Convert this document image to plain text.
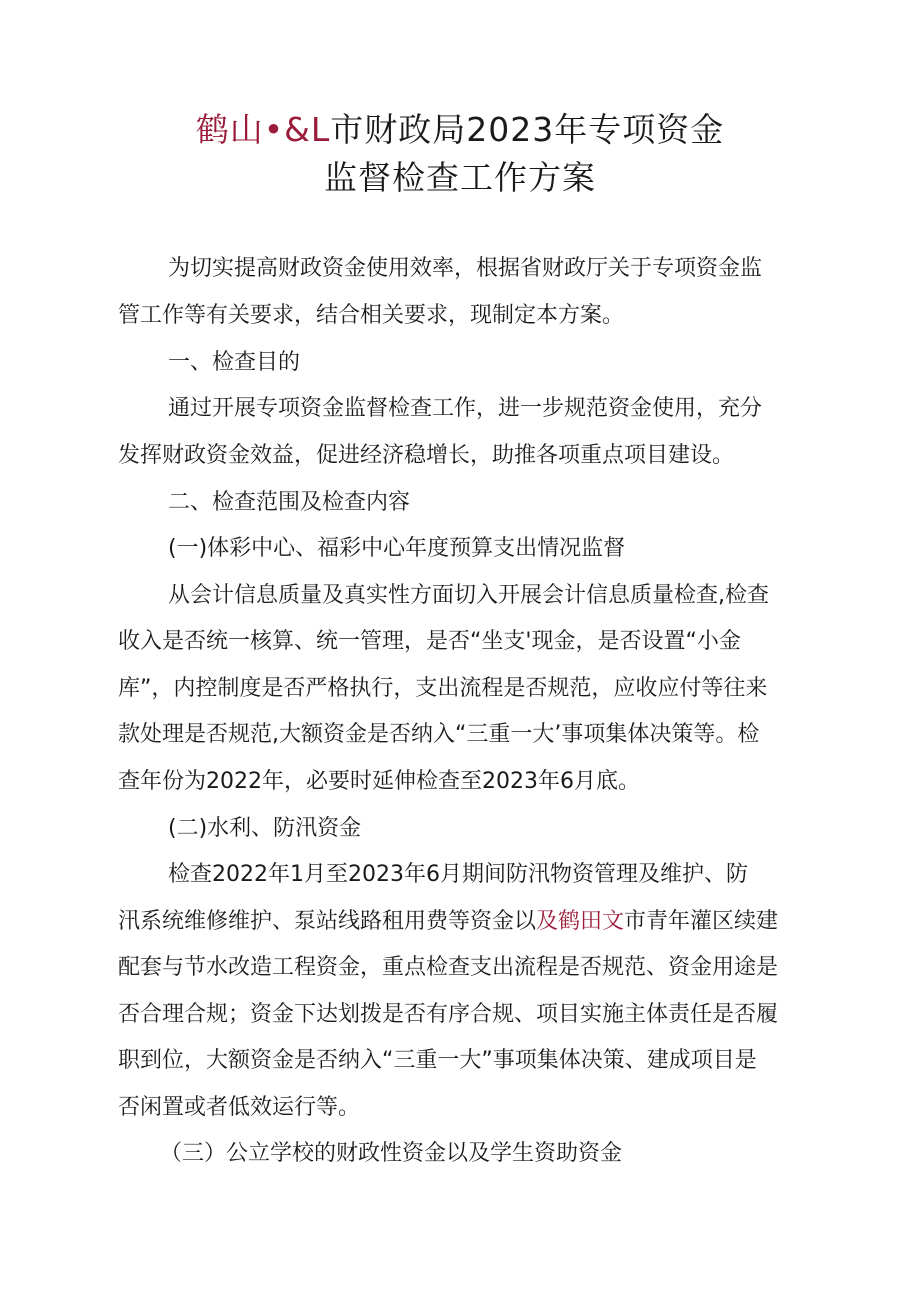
鹤山•&L市财政局2023年专项资金
监督检查工作方案
为切实提高财政资金使用效率，根据省财政厅关于专项资金监
管工作等有关要求，结合相关要求，现制定本方案。
一、检查目的
通过开展专项资金监督检查工作，进一步规范资金使用，充分
发挥财政资金效益，促进经济稳增长，助推各项重点项目建设。
二、检查范围及检查内容
(一)体彩中心、福彩中心年度预算支出情况监督
从会计信息质量及真实性方面切入开展会计信息质量检查,检查
收入是否统一核算、统一管理，是否“坐支'现金，是否设置“小金
库”，内控制度是否严格执行，支出流程是否规范，应收应付等往来
款处理是否规范,大额资金是否纳入“三重一大’事项集体决策等。检
查年份为2022年，必要时延伸检查至2023年6月底。
(二)水利、防汛资金
检查2022年1月至2023年6月期间防汛物资管理及维护、防
汛系统维修维护、泵站线路租用费等资金以及鹤田文市青年灌区续建
配套与节水改造工程资金，重点检查支出流程是否规范、资金用途是
否合理合规；资金下达划拨是否有序合规、项目实施主体责任是否履
职到位，大额资金是否纳入“三重一大”事项集体决策、建成项目是
否闲置或者低效运行等。
（三）公立学校的财政性资金以及学生资助资金
